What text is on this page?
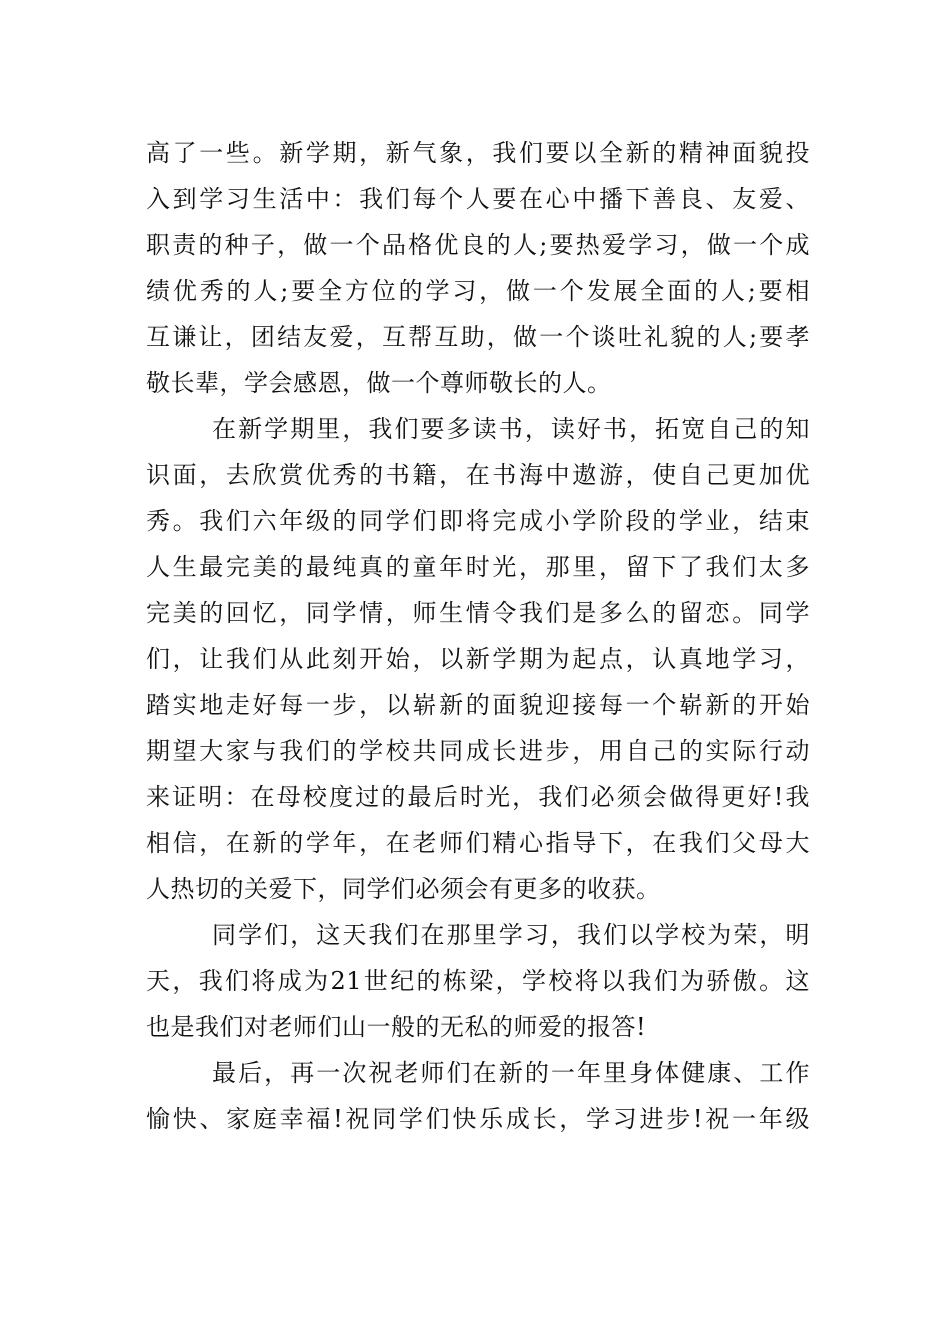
高了一些。新学期，新气象，我们要以全新的精神面貌投
入到学习生活中：我们每个人要在心中播下善良、友爱、
职责的种子，做一个品格优良的人;要热爱学习，做一个成
绩优秀的人;要全方位的学习，做一个发展全面的人;要相
互谦让，团结友爱，互帮互助，做一个谈吐礼貌的人;要孝
敬长辈，学会感恩，做一个尊师敬长的人。
在新学期里，我们要多读书，读好书，拓宽自己的知
识面，去欣赏优秀的书籍，在书海中遨游，使自己更加优
秀。我们六年级的同学们即将完成小学阶段的学业，结束
人生最完美的最纯真的童年时光，那里，留下了我们太多
完美的回忆，同学情，师生情令我们是多么的留恋。同学
们，让我们从此刻开始，以新学期为起点，认真地学习，
踏实地走好每一步，以崭新的面貌迎接每一个崭新的开始
期望大家与我们的学校共同成长进步，用自己的实际行动
来证明：在母校度过的最后时光，我们必须会做得更好!我
相信，在新的学年，在老师们精心指导下，在我们父母大
人热切的关爱下，同学们必须会有更多的收获。
同学们，这天我们在那里学习，我们以学校为荣，明
天，我们将成为21世纪的栋梁，学校将以我们为骄傲。这
也是我们对老师们山一般的无私的师爱的报答!
最后，再一次祝老师们在新的一年里身体健康、工作
愉快、家庭幸福!祝同学们快乐成长，学习进步!祝一年级
